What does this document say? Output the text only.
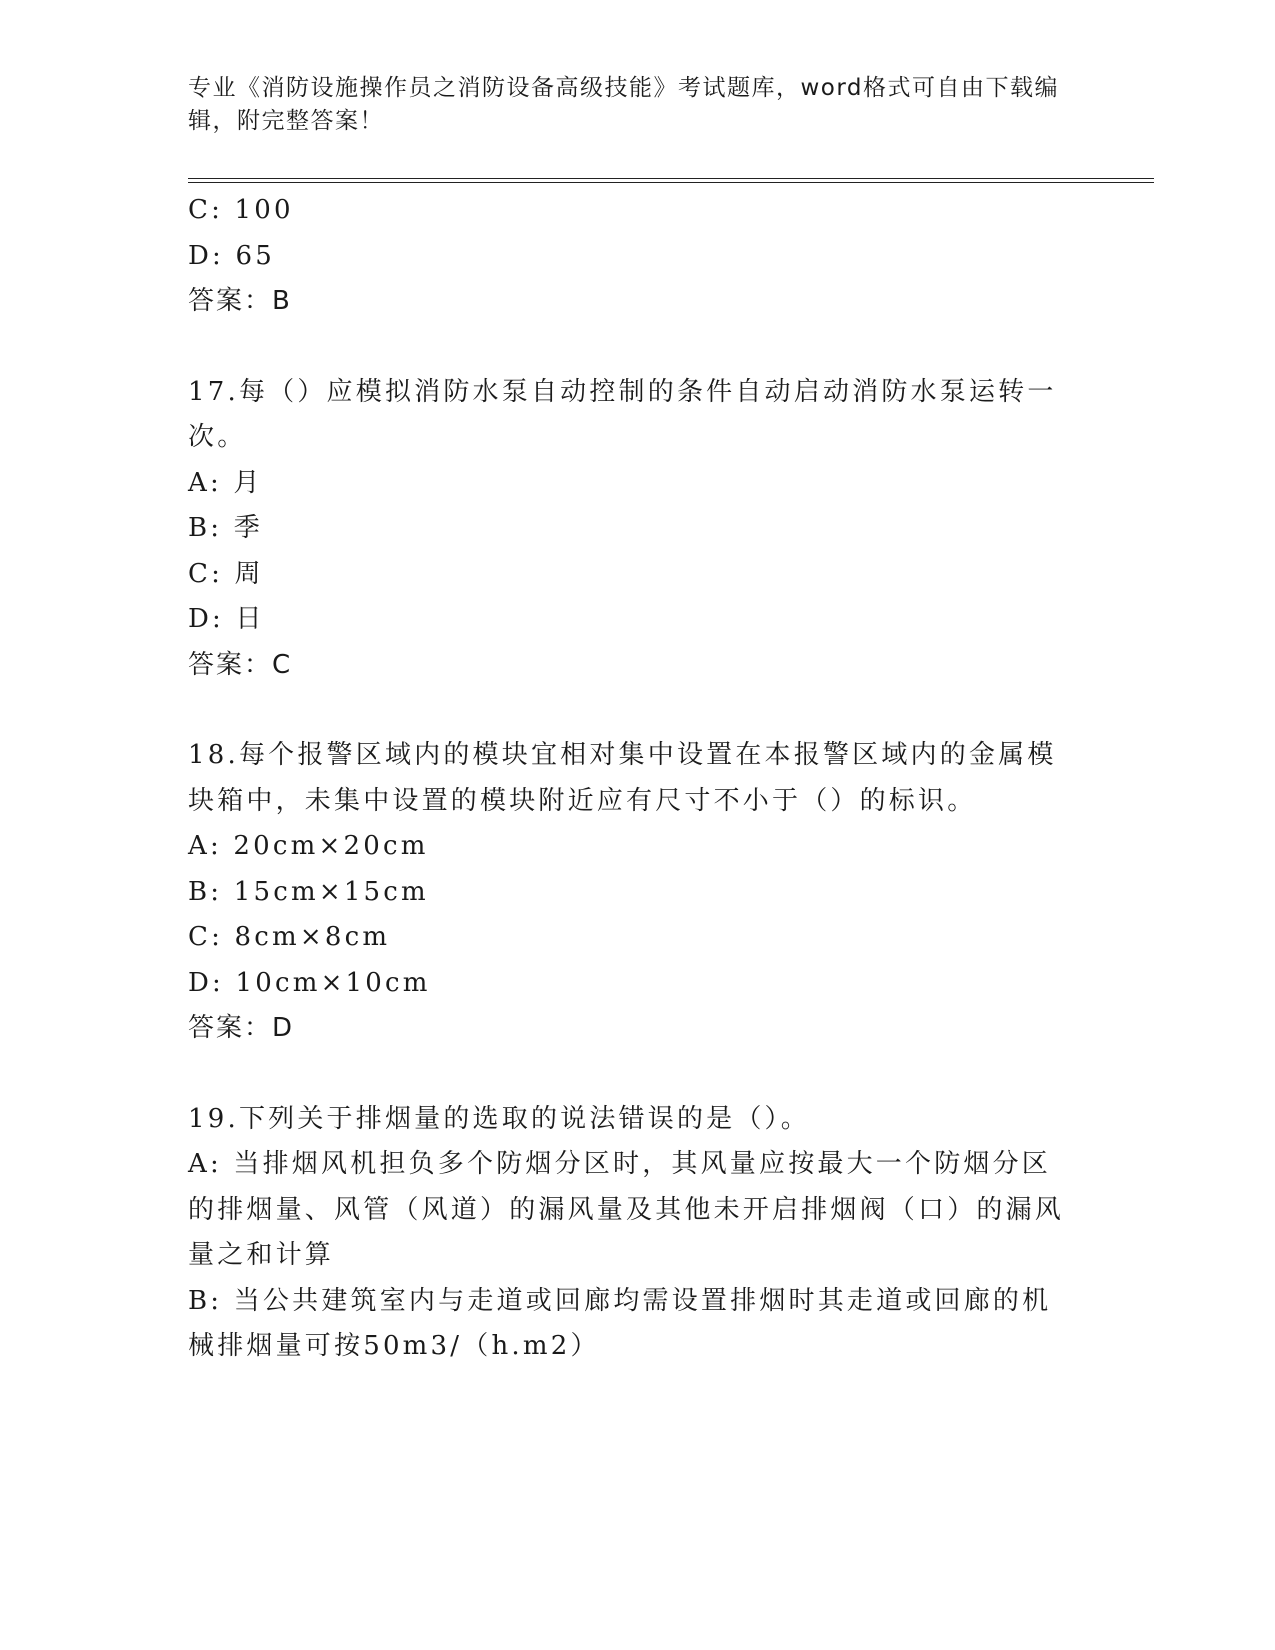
专业《消防设施操作员之消防设备高级技能》考试题库，word格式可自由下载编辑，附完整答案！
C: 100
D: 65
答案：B
17.每（）应模拟消防水泵自动控制的条件自动启动消防水泵运转一次。
A: 月
B: 季
C: 周
D: 日
答案：C
18.每个报警区域内的模块宜相对集中设置在本报警区域内的金属模块箱中，未集中设置的模块附近应有尺寸不小于（）的标识。
A: 20cm×20cm
B: 15cm×15cm
C: 8cm×8cm
D: 10cm×10cm
答案：D
19.下列关于排烟量的选取的说法错误的是（）。
A: 当排烟风机担负多个防烟分区时，其风量应按最大一个防烟分区的排烟量、风管（风道）的漏风量及其他未开启排烟阀（口）的漏风量之和计算
B: 当公共建筑室内与走道或回廊均需设置排烟时其走道或回廊的机械排烟量可按50m3/（h.m2）
